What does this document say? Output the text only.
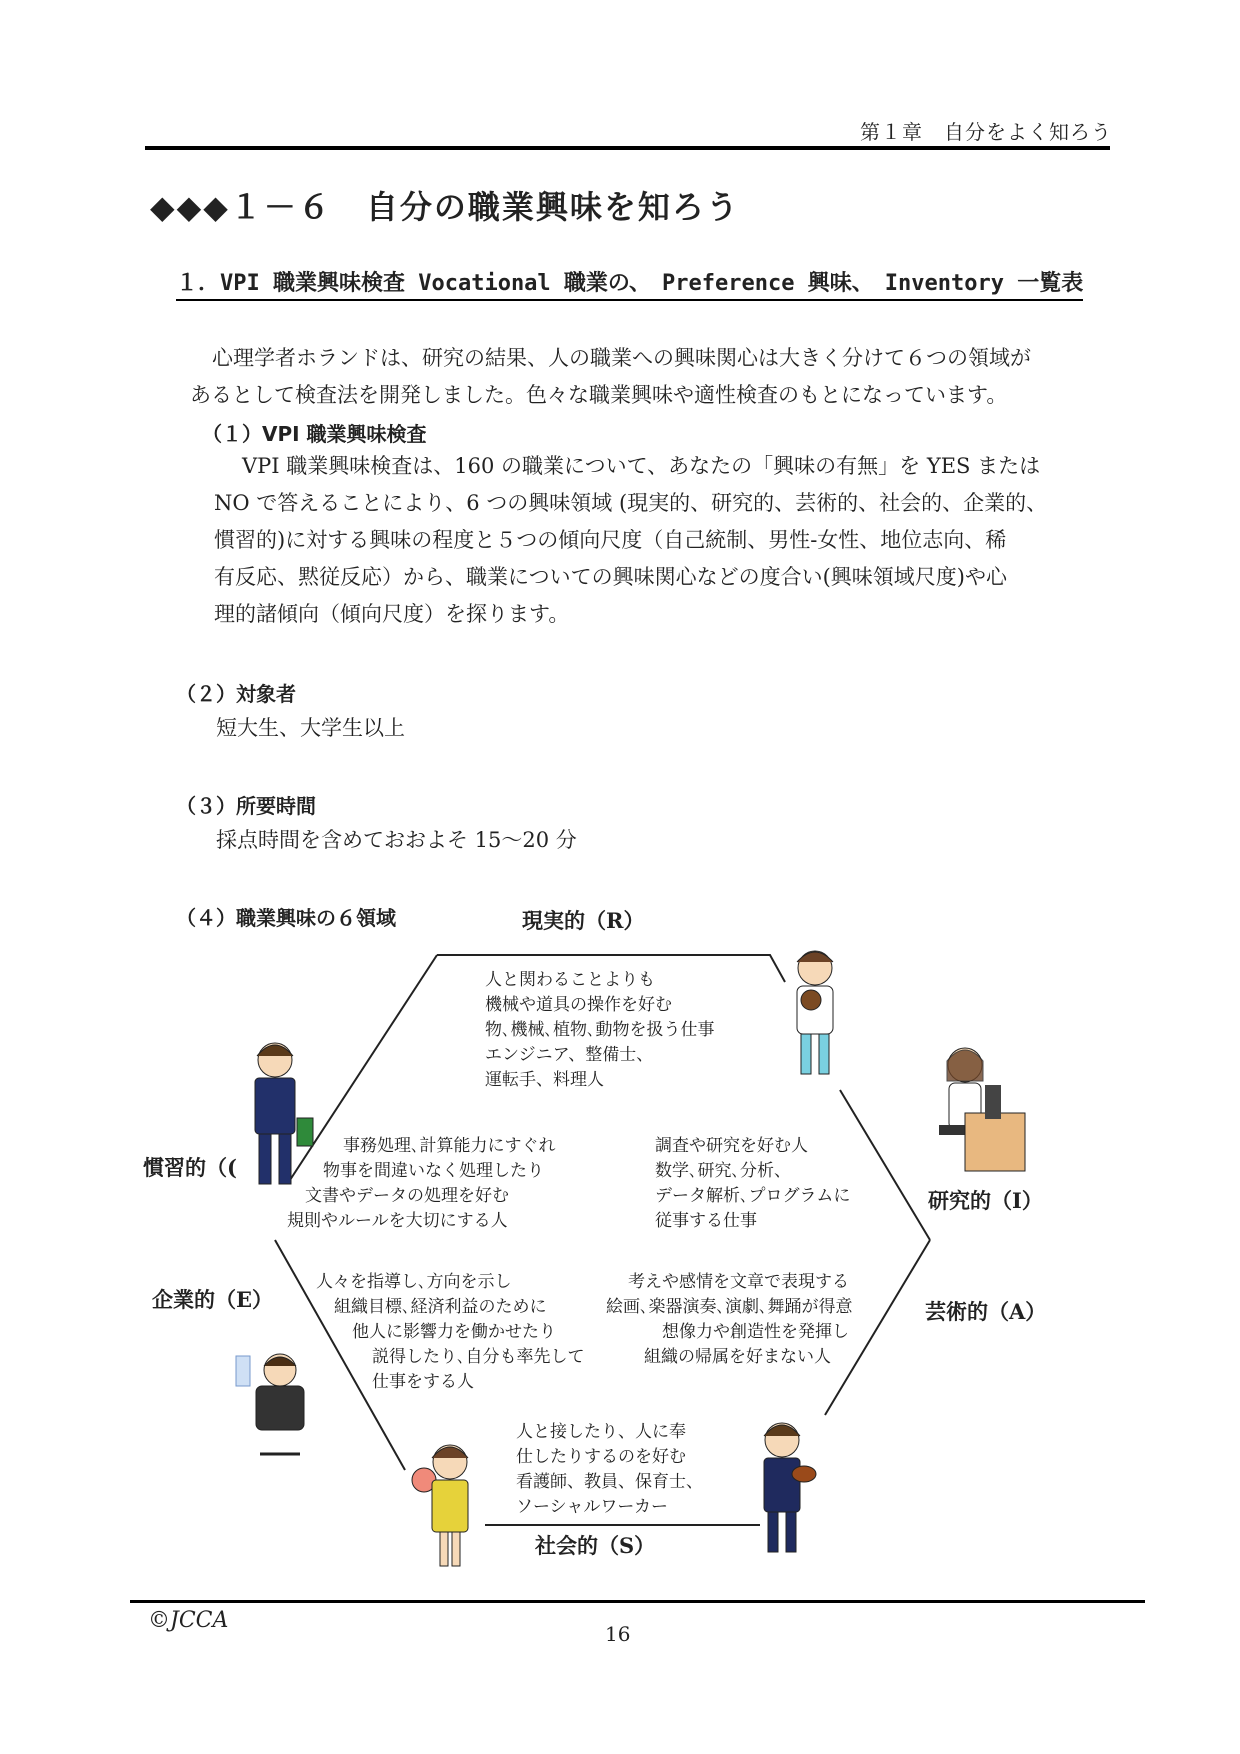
第１章　自分をよく知ろう
◆◆◆１－６　自分の職業興味を知ろう
１．VPI 職業興味検査 Vocational 職業の、　Preference 興味、　Inventory 一覧表

心理学者ホランドは、研究の結果、人の職業への興味関心は大きく分けて６つの領域が

あるとして検査法を開発しました。色々な職業興味や適性検査のもとになっています。
（１）VPI 職業興味検査
VPI 職業興味検査は、160 の職業について、あなたの「興味の有無」を YES または
NO で答えることにより、6 つの興味領域 (現実的、研究的、芸術的、社会的、企業的、
慣習的)に対する興味の程度と５つの傾向尺度（自己統制、男性-女性、地位志向、稀
有反応、黙従反応）から、職業についての興味関心などの度合い(興味領域尺度)や心
理的諸傾向（傾向尺度）を探ります。
（２）対象者
短大生、大学生以上
（３）所要時間
採点時間を含めておおよそ 15～20 分
（４）職業興味の６領域	現実的（R）
研究的（I）
芸術的（A）
社会的（S）
企業的（E）
慣習的（(
人と関わることよりも
機械や道具の操作を好む
物､機械､植物､動物を扱う仕事
エンジニア、整備士、
運転手、料理人
事務処理､計算能力にすぐれ
物事を間違いなく処理したり
文書やデータの処理を好む
規則やルールを大切にする人
調査や研究を好む人
数学､研究､分析、
データ解析､プログラムに
従事する仕事
人々を指導し､方向を示し
組織目標､経済利益のために
他人に影響力を働かせたり
説得したり､自分も率先して
仕事をする人
考えや感情を文章で表現する
絵画､楽器演奏､演劇､舞踊が得意
想像力や創造性を発揮し
組織の帰属を好まない人
人と接したり、人に奉
仕したりするのを好む
看護師、教員、保育士、
ソーシャルワーカー
©JCCA
16
